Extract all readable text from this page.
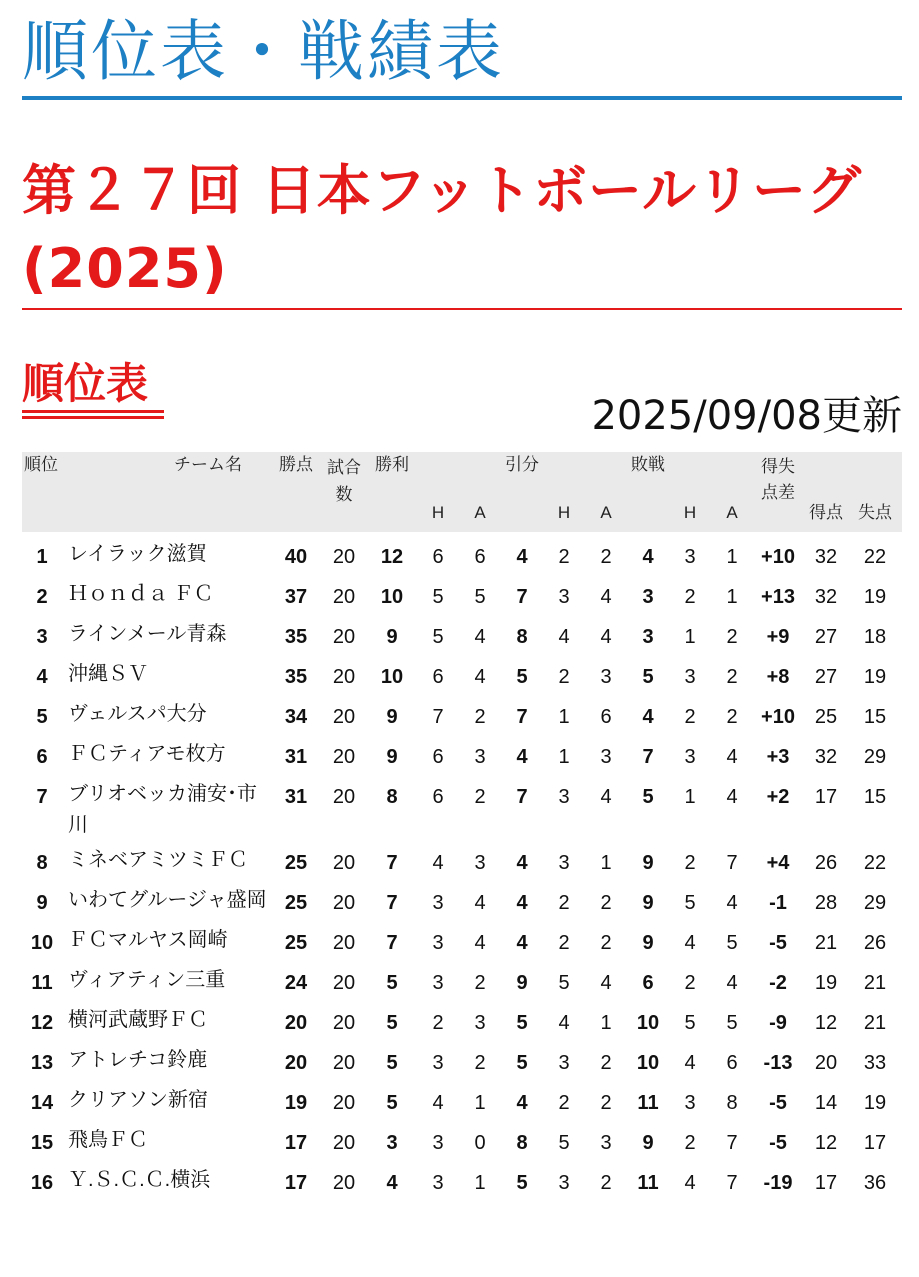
順位表・戦績表
第２７回 日本フットボールリーグ(2025)
順位表
2025/09/08更新
順位	チーム名	勝点	試合数	勝利			引分			敗戦			得失点差		
					H	A		H	A		H	A		得点	失点
1	レイラック滋賀	40	20	12	6	6	4	2	2	4	3	1	+10	32	22
2	Ｈｏｎｄａ ＦＣ	37	20	10	5	5	7	3	4	3	2	1	+13	32	19
3	ラインメール青森	35	20	9	5	4	8	4	4	3	1	2	+9	27	18
4	沖縄ＳＶ	35	20	10	6	4	5	2	3	5	3	2	+8	27	19
5	ヴェルスパ大分	34	20	9	7	2	7	1	6	4	2	2	+10	25	15
6	ＦＣティアモ枚方	31	20	9	6	3	4	1	3	7	3	4	+3	32	29
7	ブリオベッカ浦安･市川	31	20	8	6	2	7	3	4	5	1	4	+2	17	15
8	ミネベアミツミＦＣ	25	20	7	4	3	4	3	1	9	2	7	+4	26	22
9	いわてグルージャ盛岡	25	20	7	3	4	4	2	2	9	5	4	-1	28	29
10	ＦＣマルヤス岡崎	25	20	7	3	4	4	2	2	9	4	5	-5	21	26
11	ヴィアティン三重	24	20	5	3	2	9	5	4	6	2	4	-2	19	21
12	横河武蔵野ＦＣ	20	20	5	2	3	5	4	1	10	5	5	-9	12	21
13	アトレチコ鈴鹿	20	20	5	3	2	5	3	2	10	4	6	-13	20	33
14	クリアソン新宿	19	20	5	4	1	4	2	2	11	3	8	-5	14	19
15	飛鳥ＦＣ	17	20	3	3	0	8	5	3	9	2	7	-5	12	17
16	Ｙ.Ｓ.Ｃ.Ｃ.横浜	17	20	4	3	1	5	3	2	11	4	7	-19	17	36
